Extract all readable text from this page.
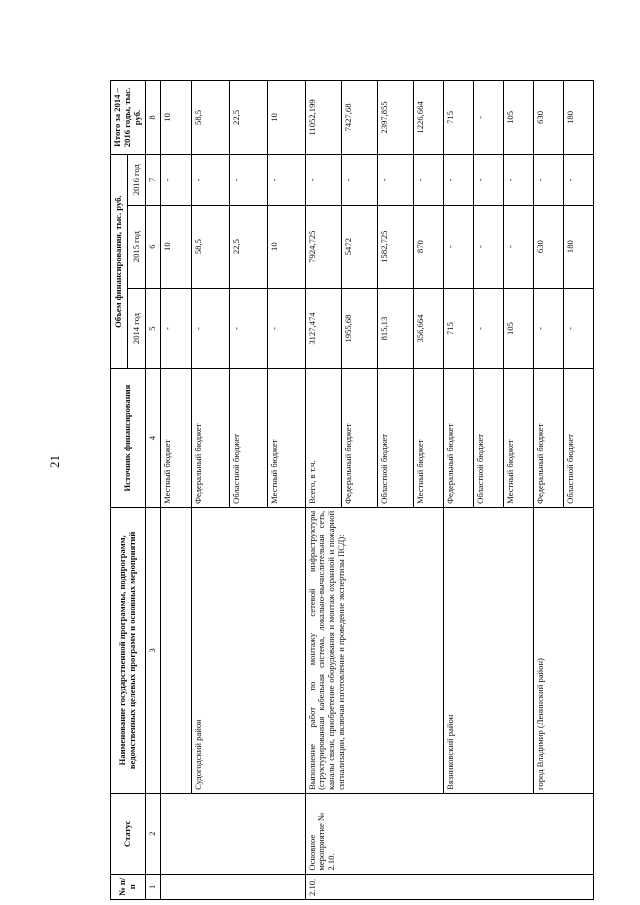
21
№ п/п	Статус	Наименование государственной программы, подпрограмм, ведомственных целевых программ и основных мероприятий	Источник финансирования	Объем финансирования, тыс. руб.			Итого за 2014 – 2016 годы, тыс. руб.
				2014 год	2015 год	2016 год	
1	2	3	4	5	6	7	8
			Местный бюджет	-	10	-	10
		Судогодский район	Федеральный бюджет	-	58,5	-	58,5
			Областной бюджет	-	22,5	-	22,5
			Местный бюджет	-	10	-	10
2.10.	Основное мероприятие № 2.10.	Выполнение работ по монтажу сетевой инфраструктуры (структурированная кабельная система, локально-вычислительная сеть, каналы связи, приобретение оборудования и монтаж охранной и пожарной сигнализации, включая изготовление и проведение экспертизы ПСД):	Всего, в т.ч.	3127,474	7924,725	-	11052,199
			Федеральный бюджет	1955,68	5472	-	7427,68
			Областной бюджет	815,13	1582,725	-	2397,855
			Местный бюджет	356,664	870	-	1226,664
		Вязниковский район	Федеральный бюджет	715	-	-	715
			Областной бюджет	-	-	-	-
			Местный бюджет	105	-	-	105
		город Владимир (Ленинский район)	Федеральный бюджет	-	630	-	630
			Областной бюджет	-	180	-	180
